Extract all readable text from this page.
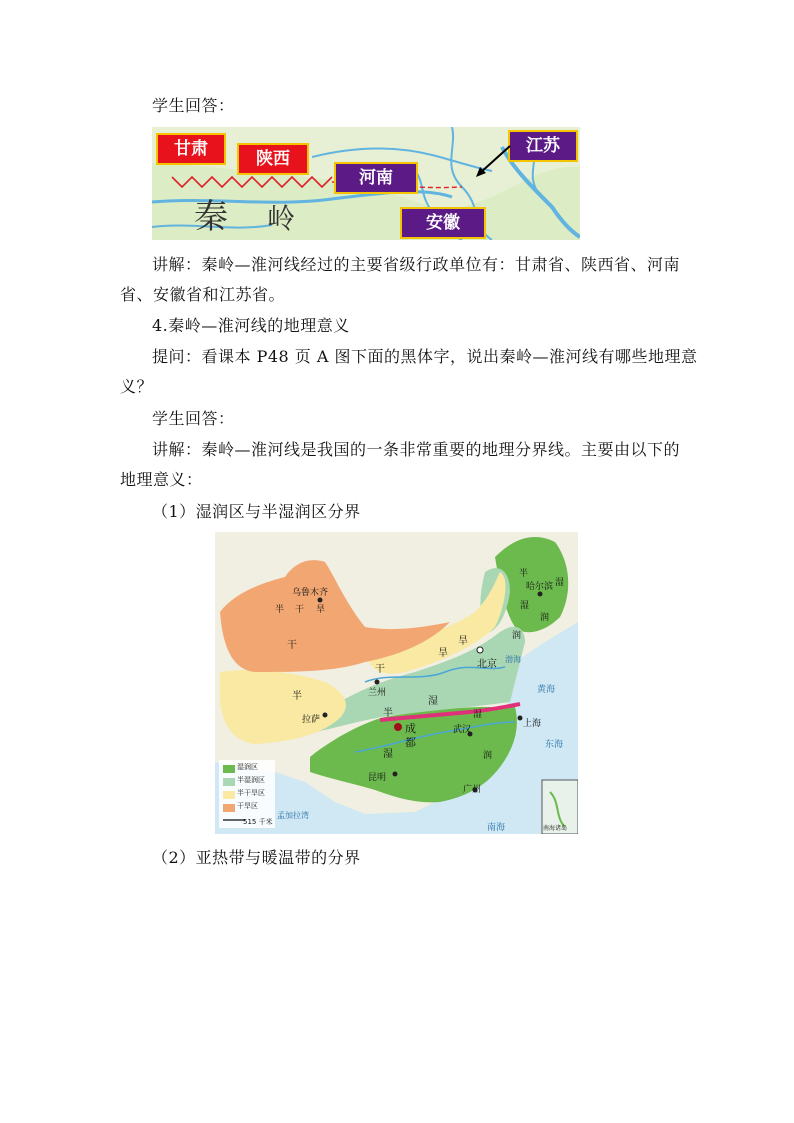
学生回答：
甘肃	陕西
河南
江苏
安徽
秦 岭
讲解：秦岭—淮河线经过的主要省级行政单位有：甘肃省、陕西省、河南
省、安徽省和江苏省。
4.秦岭—淮河线的地理意义
提问：看课本 P48 页 A 图下面的黑体字，说出秦岭—淮河线有哪些地理意
义？
学生回答：
讲解：秦岭—淮河线是我国的一条非常重要的地理分界线。主要由以下的
地理意义：
（1）湿润区与半湿润区分界
乌鲁木齐
哈尔滨
北京
兰州
拉萨
成
都
武汉
上海
昆明
广州
半 干 旱
干	旱
旱
干
半
半
湿
半
湿
湿
润
润
湿
湿
润
渤海
黄海
东海
南海
孟加拉湾
南海诸岛
湿润区
半湿润区
半干旱区
干旱区
515 千米
（2）亚热带与暖温带的分界
